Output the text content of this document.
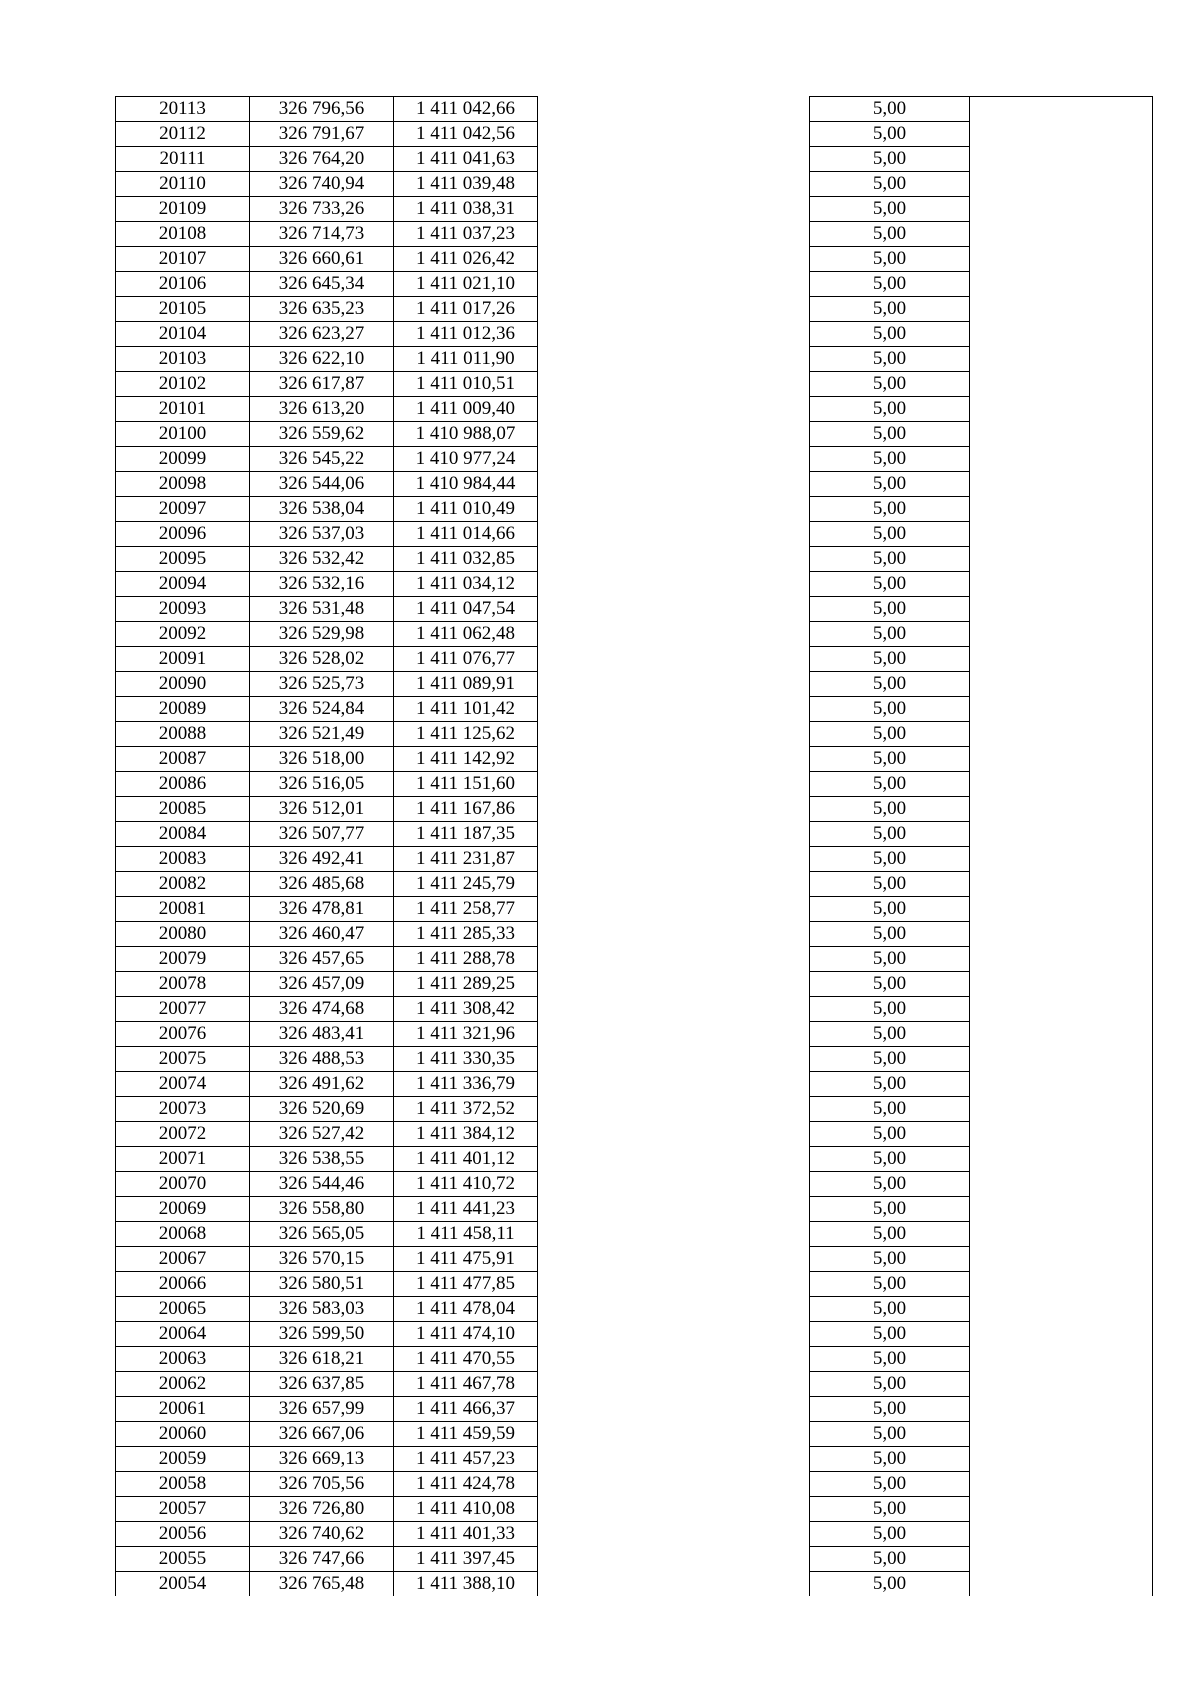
20113	326 796,56	1 411 042,66		5,00	
20112	326 791,67	1 411 042,56		5,00	
20111	326 764,20	1 411 041,63		5,00	
20110	326 740,94	1 411 039,48		5,00	
20109	326 733,26	1 411 038,31		5,00	
20108	326 714,73	1 411 037,23		5,00	
20107	326 660,61	1 411 026,42		5,00	
20106	326 645,34	1 411 021,10		5,00	
20105	326 635,23	1 411 017,26		5,00	
20104	326 623,27	1 411 012,36		5,00	
20103	326 622,10	1 411 011,90		5,00	
20102	326 617,87	1 411 010,51		5,00	
20101	326 613,20	1 411 009,40		5,00	
20100	326 559,62	1 410 988,07		5,00	
20099	326 545,22	1 410 977,24		5,00	
20098	326 544,06	1 410 984,44		5,00	
20097	326 538,04	1 411 010,49		5,00	
20096	326 537,03	1 411 014,66		5,00	
20095	326 532,42	1 411 032,85		5,00	
20094	326 532,16	1 411 034,12		5,00	
20093	326 531,48	1 411 047,54		5,00	
20092	326 529,98	1 411 062,48		5,00	
20091	326 528,02	1 411 076,77		5,00	
20090	326 525,73	1 411 089,91		5,00	
20089	326 524,84	1 411 101,42		5,00	
20088	326 521,49	1 411 125,62		5,00	
20087	326 518,00	1 411 142,92		5,00	
20086	326 516,05	1 411 151,60		5,00	
20085	326 512,01	1 411 167,86		5,00	
20084	326 507,77	1 411 187,35		5,00	
20083	326 492,41	1 411 231,87		5,00	
20082	326 485,68	1 411 245,79		5,00	
20081	326 478,81	1 411 258,77		5,00	
20080	326 460,47	1 411 285,33		5,00	
20079	326 457,65	1 411 288,78		5,00	
20078	326 457,09	1 411 289,25		5,00	
20077	326 474,68	1 411 308,42		5,00	
20076	326 483,41	1 411 321,96		5,00	
20075	326 488,53	1 411 330,35		5,00	
20074	326 491,62	1 411 336,79		5,00	
20073	326 520,69	1 411 372,52		5,00	
20072	326 527,42	1 411 384,12		5,00	
20071	326 538,55	1 411 401,12		5,00	
20070	326 544,46	1 411 410,72		5,00	
20069	326 558,80	1 411 441,23		5,00	
20068	326 565,05	1 411 458,11		5,00	
20067	326 570,15	1 411 475,91		5,00	
20066	326 580,51	1 411 477,85		5,00	
20065	326 583,03	1 411 478,04		5,00	
20064	326 599,50	1 411 474,10		5,00	
20063	326 618,21	1 411 470,55		5,00	
20062	326 637,85	1 411 467,78		5,00	
20061	326 657,99	1 411 466,37		5,00	
20060	326 667,06	1 411 459,59		5,00	
20059	326 669,13	1 411 457,23		5,00	
20058	326 705,56	1 411 424,78		5,00	
20057	326 726,80	1 411 410,08		5,00	
20056	326 740,62	1 411 401,33		5,00	
20055	326 747,66	1 411 397,45		5,00	
20054	326 765,48	1 411 388,10		5,00	
